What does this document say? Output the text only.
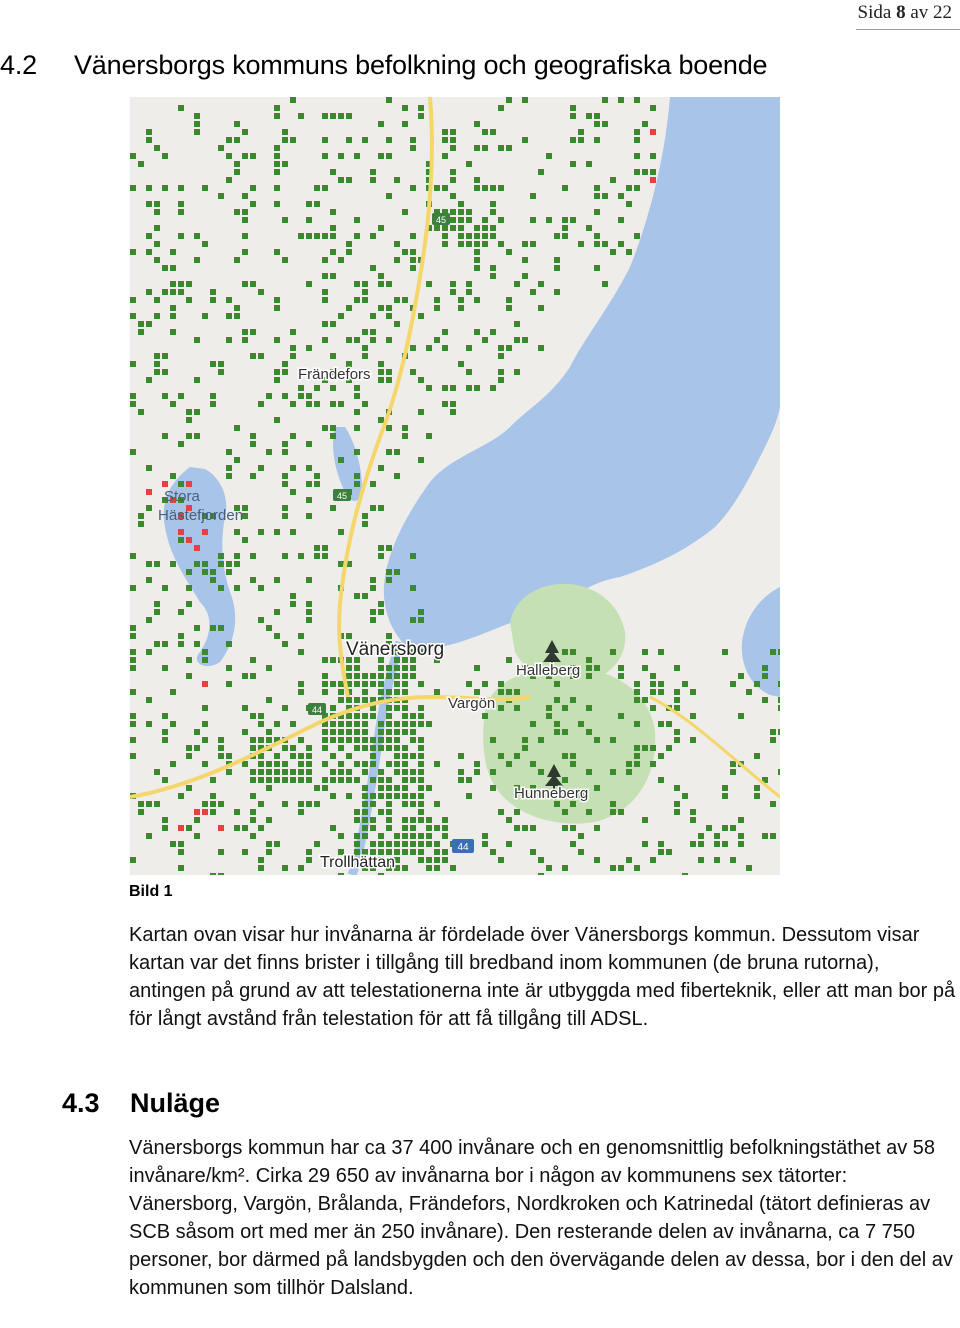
Sida 8 av 22
4.2 Vänersborgs kommuns befolkning och geografiska boende
45
45
44
44
Frändefors
Stora
Hästefjorden
Vänersborg
Vargön
Halleberg
Hunneberg
Trollhättan

Bild 1

Kartan ovan visar hur invånarna är fördelade över Vänersborgs kommun. Dessutom visar kartan var det finns brister i tillgång till bredband inom kommunen (de bruna rutorna), antingen på grund av att telestationerna inte är utbyggda med fiberteknik, eller att man bor på för långt avstånd från telestation för att få tillgång till ADSL.

4.3 Nuläge

Vänersborgs kommun har ca 37 400 invånare och en genomsnittlig befolkningstäthet av 58 invånare/km². Cirka 29 650 av invånarna bor i någon av kommunens sex tätorter: Vänersborg, Vargön, Brålanda, Frändefors, Nordkroken och Katrinedal (tätort definieras av SCB såsom ort med mer än 250 invånare). Den resterande delen av invånarna, ca 7 750 personer, bor därmed på landsbygden och den övervägande delen av dessa, bor i den del av kommunen som tillhör Dalsland.
